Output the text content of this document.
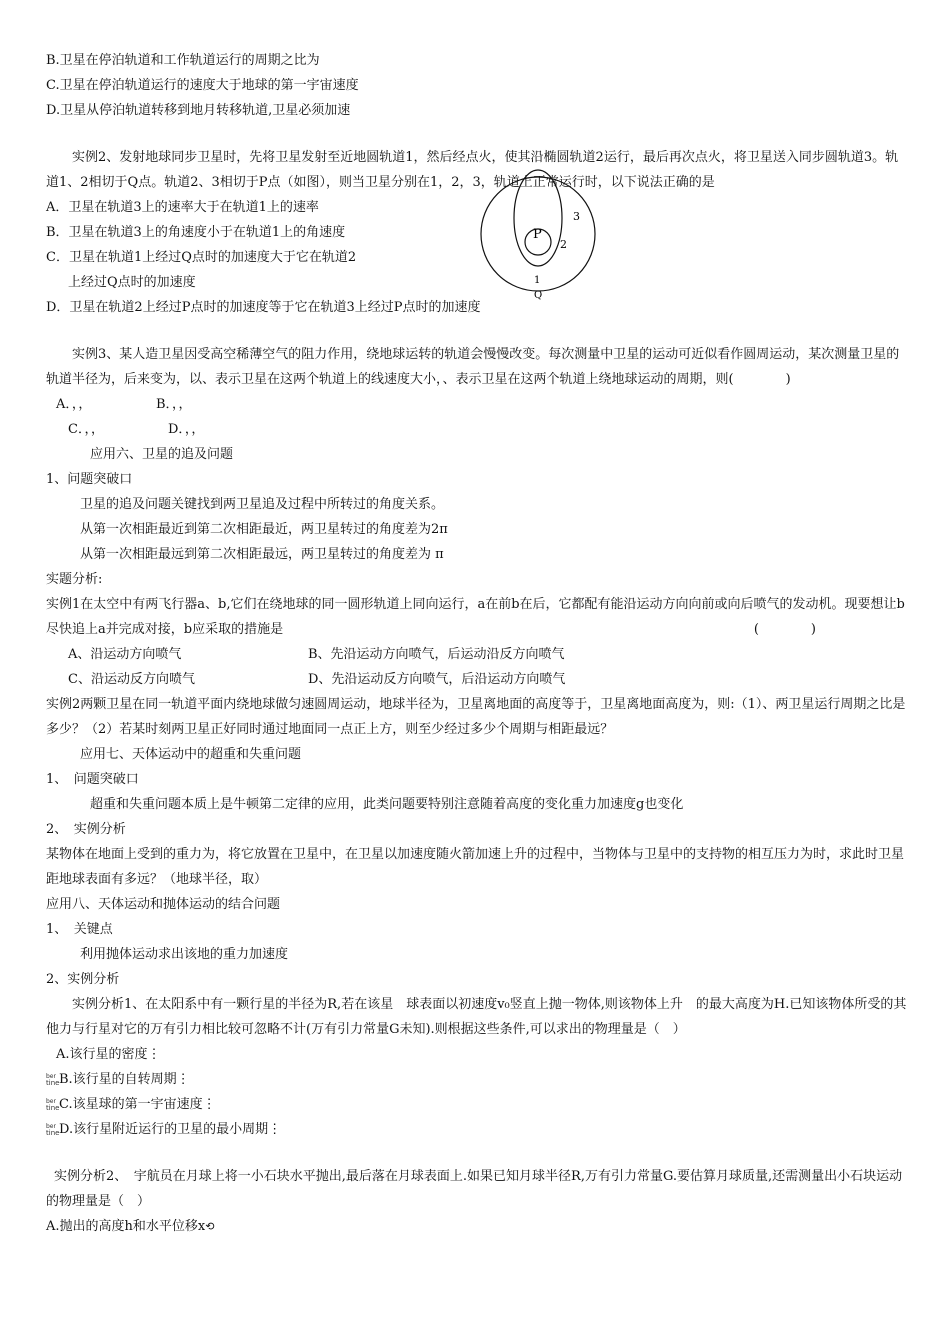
B.卫星在停泊轨道和工作轨道运行的周期之比为
C.卫星在停泊轨道运行的速度大于地球的第一宇宙速度
D.卫星从停泊轨道转移到地月转移轨道,卫星必须加速
实例2、发射地球同步卫星时，先将卫星发射至近地圆轨道1，然后经点火，使其沿椭圆轨道2运行，最后再次点火，将卫星送入同步圆轨道3。轨道1、2相切于Q点。轨道2、3相切于P点（如图），则当卫星分别在1，2，3，轨道上正常运行时，以下说法正确的是
A．卫星在轨道3上的速率大于在轨道1上的速率
B．卫星在轨道3上的角速度小于在轨道1上的角速度
C．卫星在轨道1上经过Q点时的加速度大于它在轨道2
上经过Q点时的加速度
D．卫星在轨道2上经过P点时的加速度等于它在轨道3上经过P点时的加速度
实例3、某人造卫星因受高空稀薄空气的阻力作用，绕地球运转的轨道会慢慢改变。每次测量中卫星的运动可近似看作圆周运动，某次测量卫星的轨道半径为，后来变为，以、表示卫星在这两个轨道上的线速度大小，、表示卫星在这两个轨道上绕地球运动的周期，则(　　　　)
A．，，	B．，，
C．，，	D．，，
应用六、卫星的追及问题
1、问题突破口
卫星的追及问题关键找到两卫星追及过程中所转过的角度关系。
从第一次相距最近到第二次相距最近，两卫星转过的角度差为2π
从第一次相距最远到第二次相距最远，两卫星转过的角度差为 π
实题分析:
实例1在太空中有两飞行器a、b,它们在绕地球的同一圆形轨道上同向运行，a在前b在后，它都配有能沿运动方向向前或向后喷气的发动机。现要想让b尽快追上a并完成对接，b应采取的措施是	(　　　　)
A、沿运动方向喷气	B、先沿运动方向喷气，后运动沿反方向喷气
C、沿运动反方向喷气	D、先沿运动反方向喷气，后沿运动方向喷气
实例2两颗卫星在同一轨道平面内绕地球做匀速圆周运动，地球半径为，卫星离地面的高度等于，卫星离地面高度为，则:（1）、两卫星运行周期之比是多少？（2）若某时刻两卫星正好同时通过地面同一点正上方，则至少经过多少个周期与相距最远？
应用七、天体运动中的超重和失重问题
1、　问题突破口
超重和失重问题本质上是牛顿第二定律的应用，此类问题要特别注意随着高度的变化重力加速度g也变化
2、　实例分析
某物体在地面上受到的重力为，将它放置在卫星中，在卫星以加速度随火箭加速上升的过程中，当物体与卫星中的支持物的相互压力为时，求此时卫星距地球表面有多远？（地球半径，取）
应用八、天体运动和抛体运动的结合问题
1、　关键点
利用抛体运动求出该地的重力加速度
2、实例分析
实例分析1、在太阳系中有一颗行星的半径为R,若在该星　球表面以初速度v₀竖直上抛一物体,则该物体上升　的最大高度为H.已知该物体所受的其他力与行星对它的万有引力相比较可忽略不计(万有引力常量G未知).则根据这些条件,可以求出的物理量是（　）
A.该行星的密度⋮
ber
tine B.该行星的自转周期⋮
ber
tine C.该星球的第一宇宙速度⋮
ber
tine D.该行星附近运行的卫星的最小周期⋮
实例分析2、　宇航员在月球上将一小石块水平抛出,最后落在月球表面上.如果已知月球半径R,万有引力常量G.要估算月球质量,还需测量出小石块运动的物理量是（　）
A.抛出的高度h和水平位移x⟲
3
P
2
1
Q
